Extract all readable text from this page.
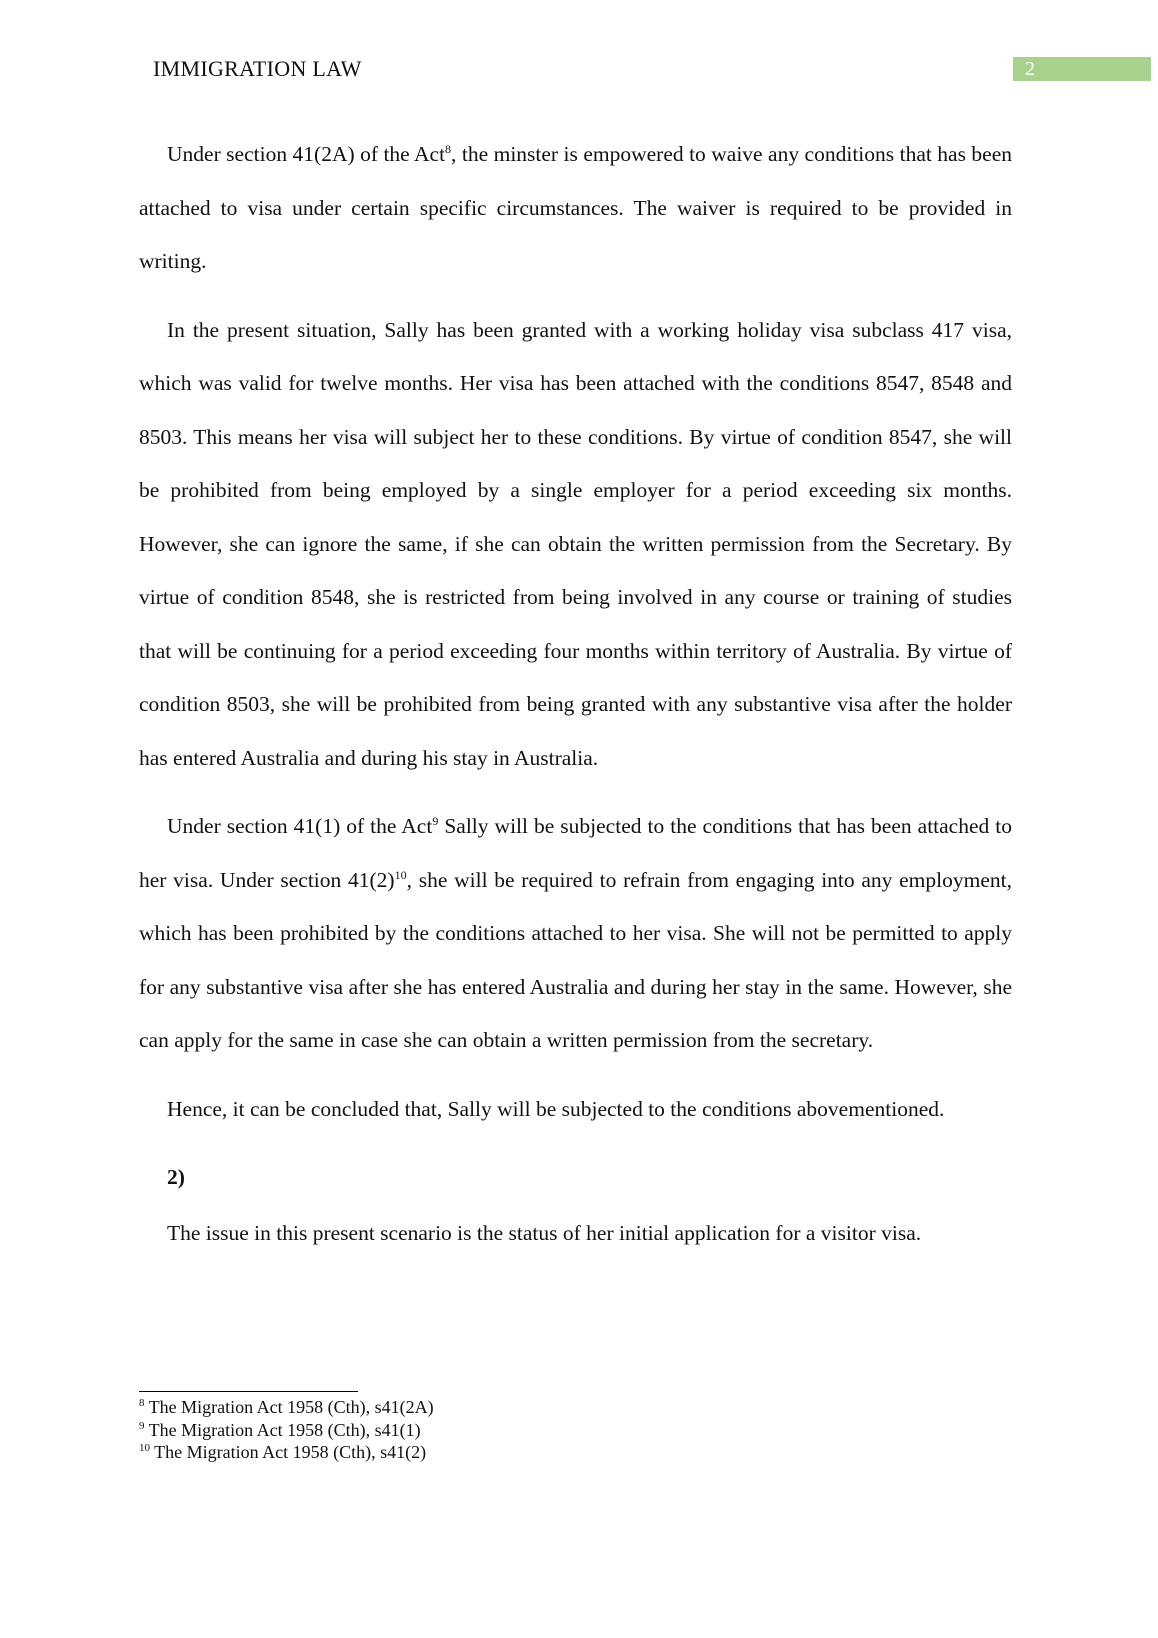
IMMIGRATION LAW	2

Under section 41(2A) of the Act$^8$, the minster is empowered to waive any conditions that has been attached to visa under certain specific circumstances. The waiver is required to be provided in writing.

In the present situation, Sally has been granted with a working holiday visa subclass 417 visa, which was valid for twelve months. Her visa has been attached with the conditions 8547, 8548 and 8503. This means her visa will subject her to these conditions. By virtue of condition 8547, she will be prohibited from being employed by a single employer for a period exceeding six months. However, she can ignore the same, if she can obtain the written permission from the Secretary. By virtue of condition 8548, she is restricted from being involved in any course or training of studies that will be continuing for a period exceeding four months within territory of Australia. By virtue of condition 8503, she will be prohibited from being granted with any substantive visa after the holder has entered Australia and during his stay in Australia.

Under section 41(1) of the Act$^9$ Sally will be subjected to the conditions that has been attached to her visa. Under section $41(2)^{10}$, she will be required to refrain from engaging into any employment, which has been prohibited by the conditions attached to her visa. She will not be permitted to apply for any substantive visa after she has entered Australia and during her stay in the same. However, she can apply for the same in case she can obtain a written permission from the secretary.

Hence, it can be concluded that, Sally will be subjected to the conditions abovementioned.

2)

The issue in this present scenario is the status of her initial application for a visitor visa.

$^8$ The Migration Act 1958 (Cth), s41(2A)
$^9$ The Migration Act 1958 (Cth), s41(1)
$^{10}$ The Migration Act 1958 (Cth), s41(2)
